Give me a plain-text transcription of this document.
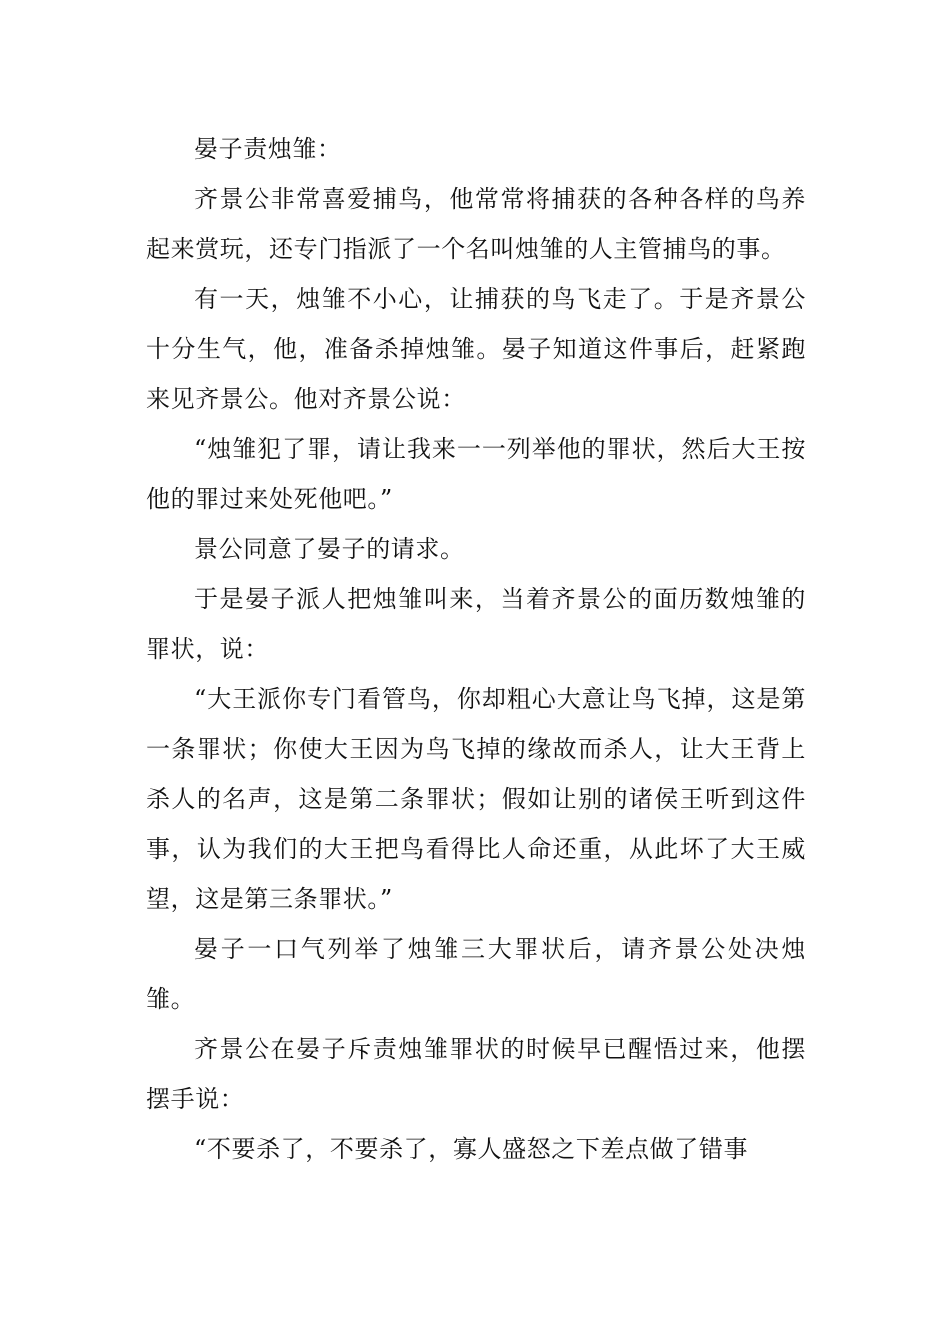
晏子责烛雏：

齐景公非常喜爱捕鸟，他常常将捕获的各种各样的鸟养起来赏玩，还专门指派了一个名叫烛雏的人主管捕鸟的事。

有一天，烛雏不小心，让捕获的鸟飞走了。于是齐景公十分生气，他，准备杀掉烛雏。晏子知道这件事后，赶紧跑来见齐景公。他对齐景公说：

“烛雏犯了罪，请让我来一一列举他的罪状，然后大王按他的罪过来处死他吧。”

景公同意了晏子的请求。

于是晏子派人把烛雏叫来，当着齐景公的面历数烛雏的罪状，说：

“大王派你专门看管鸟，你却粗心大意让鸟飞掉，这是第一条罪状；你使大王因为鸟飞掉的缘故而杀人，让大王背上杀人的名声，这是第二条罪状；假如让别的诸侯王听到这件事，认为我们的大王把鸟看得比人命还重，从此坏了大王威望，这是第三条罪状。”

晏子一口气列举了烛雏三大罪状后，请齐景公处决烛雏。

齐景公在晏子斥责烛雏罪状的时候早已醒悟过来，他摆摆手说：

“不要杀了，不要杀了，寡人盛怒之下差点做了错事
